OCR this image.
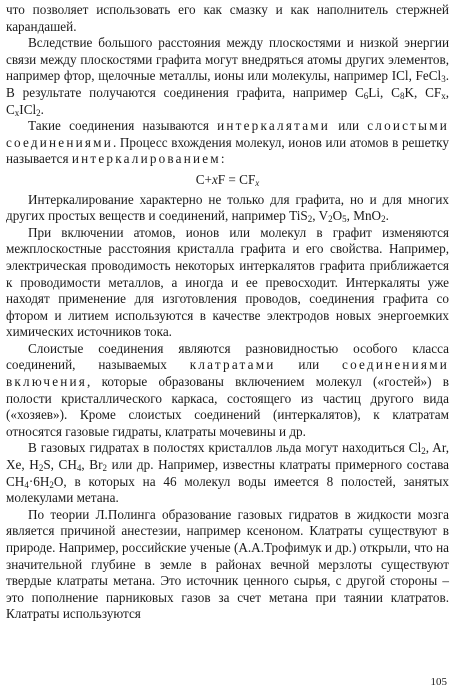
что позволяет использовать его как смазку и как наполнитель стержней карандашей.

Вследствие большого расстояния между плоскостями и низкой энергии связи между плоскостями графита могут внедряться атомы других элементов, например фтор, щелочные металлы, ионы или молекулы, например ICl, FeCl$_3$. В результате получаются соединения графита, например $C_6Li$, $C_8K$, $CF_x$, $C_xICl_2$.

Такие соединения называются интеркалятами или слоистыми соединениями. Процесс вхождения молекул, ионов или атомов в решетку называется интеркалированием:

$C+xF = CF_x$

Интеркалирование характерно не только для графита, но и для многих других простых веществ и соединений, например TiS$_2$, $V_2O_5$, MnO$_2$.

При включении атомов, ионов или молекул в графит изменяются межплоскостные расстояния кристалла графита и его свойства. Например, электрическая проводимость некоторых интеркалятов графита приближается к проводимости металлов, а иногда и ее превосходит. Интеркаляты уже находят применение для изготовления проводов, соединения графита со фтором и литием используются в качестве электродов новых энергоемких химических источников тока.

Слоистые соединения являются разновидностью особого класса соединений, называемых клатратами или соединениями включения, которые образованы включением молекул («гостей») в полости кристаллического каркаса, состоящего из частиц другого вида («хозяев»). Кроме слоистых соединений (интеркалятов), к клатратам относятся газовые гидраты, клатраты мочевины и др.

В газовых гидратах в полостях кристаллов льда могут находиться $Cl_2$, Ar, Xe, $H_2S$, $CH_4$, $Br_2$ или др. Например, известны клатраты примерного состава $CH_4\cdot 6H_2O$, в которых на 46 молекул воды имеется 8 полостей, занятых молекулами метана.

По теории Л.Полинга образование газовых гидратов в жидкости мозга является причиной анестезии, например ксеноном. Клатраты существуют в природе. Например, российские ученые (А.А.Трофимук и др.) открыли, что на значительной глубине в земле в районах вечной мерзлоты существуют твердые клатраты метана. Это источник ценного сырья, с другой стороны – это пополнение парниковых газов за счет метана при таянии клатратов. Клатраты используются

105
